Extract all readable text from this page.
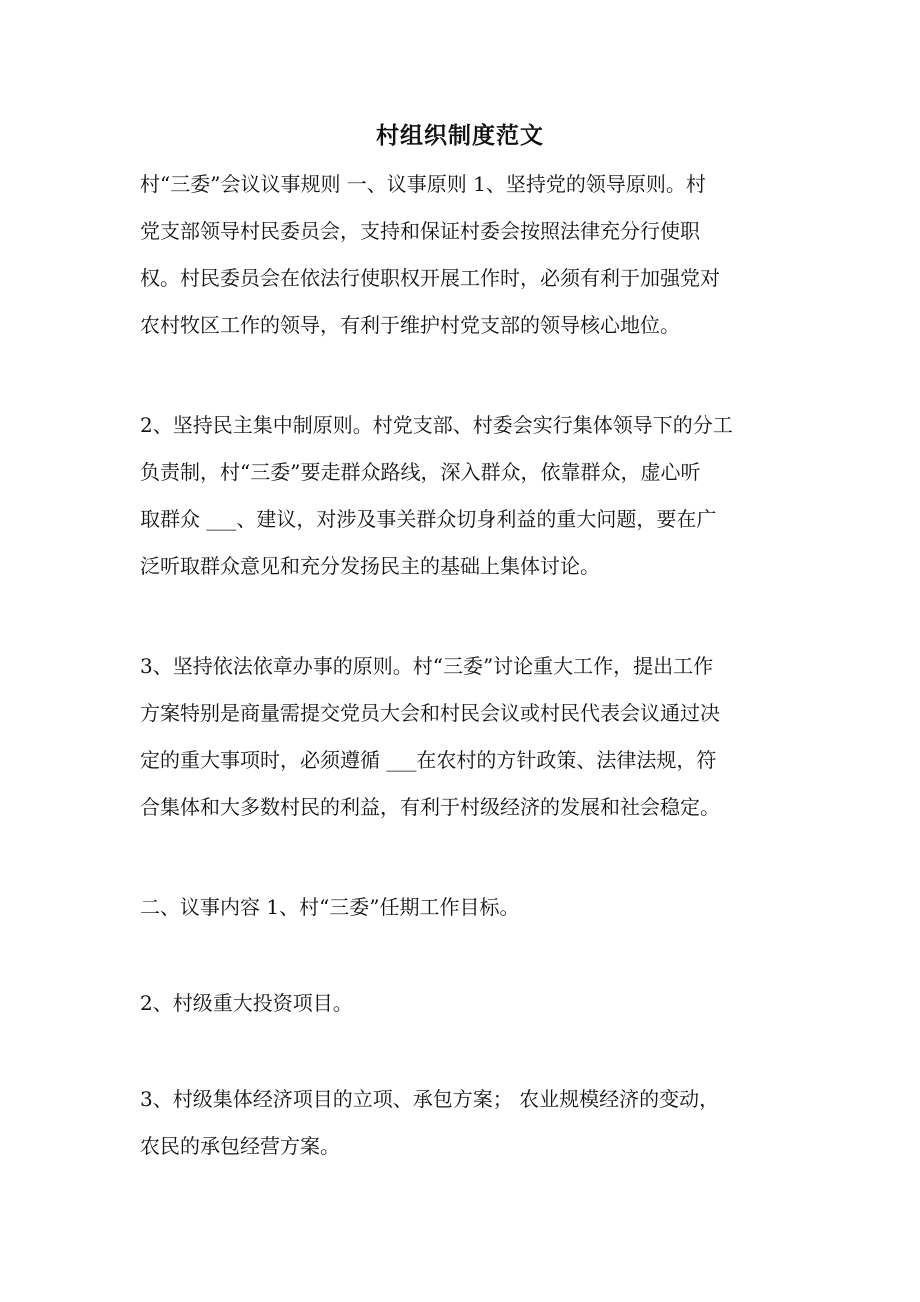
村组织制度范文

村“三委”会议议事规则 一、议事原则 1、坚持党的领导原则。村
党支部领导村民委员会，支持和保证村委会按照法律充分行使职
权。村民委员会在依法行使职权开展工作时，必须有利于加强党对
农村牧区工作的领导，有利于维护村党支部的领导核心地位。

2、坚持民主集中制原则。村党支部、村委会实行集体领导下的分工
负责制，村“三委”要走群众路线，深入群众，依靠群众，虚心听
取群众 ___、建议，对涉及事关群众切身利益的重大问题，要在广
泛听取群众意见和充分发扬民主的基础上集体讨论。

3、坚持依法依章办事的原则。村“三委”讨论重大工作，提出工作
方案特别是商量需提交党员大会和村民会议或村民代表会议通过决
定的重大事项时，必须遵循 ___在农村的方针政策、法律法规，符
合集体和大多数村民的利益，有利于村级经济的发展和社会稳定。

二、议事内容 1、村“三委”任期工作目标。

2、村级重大投资项目。

3、村级集体经济项目的立项、承包方案； 农业规模经济的变动，
农民的承包经营方案。
